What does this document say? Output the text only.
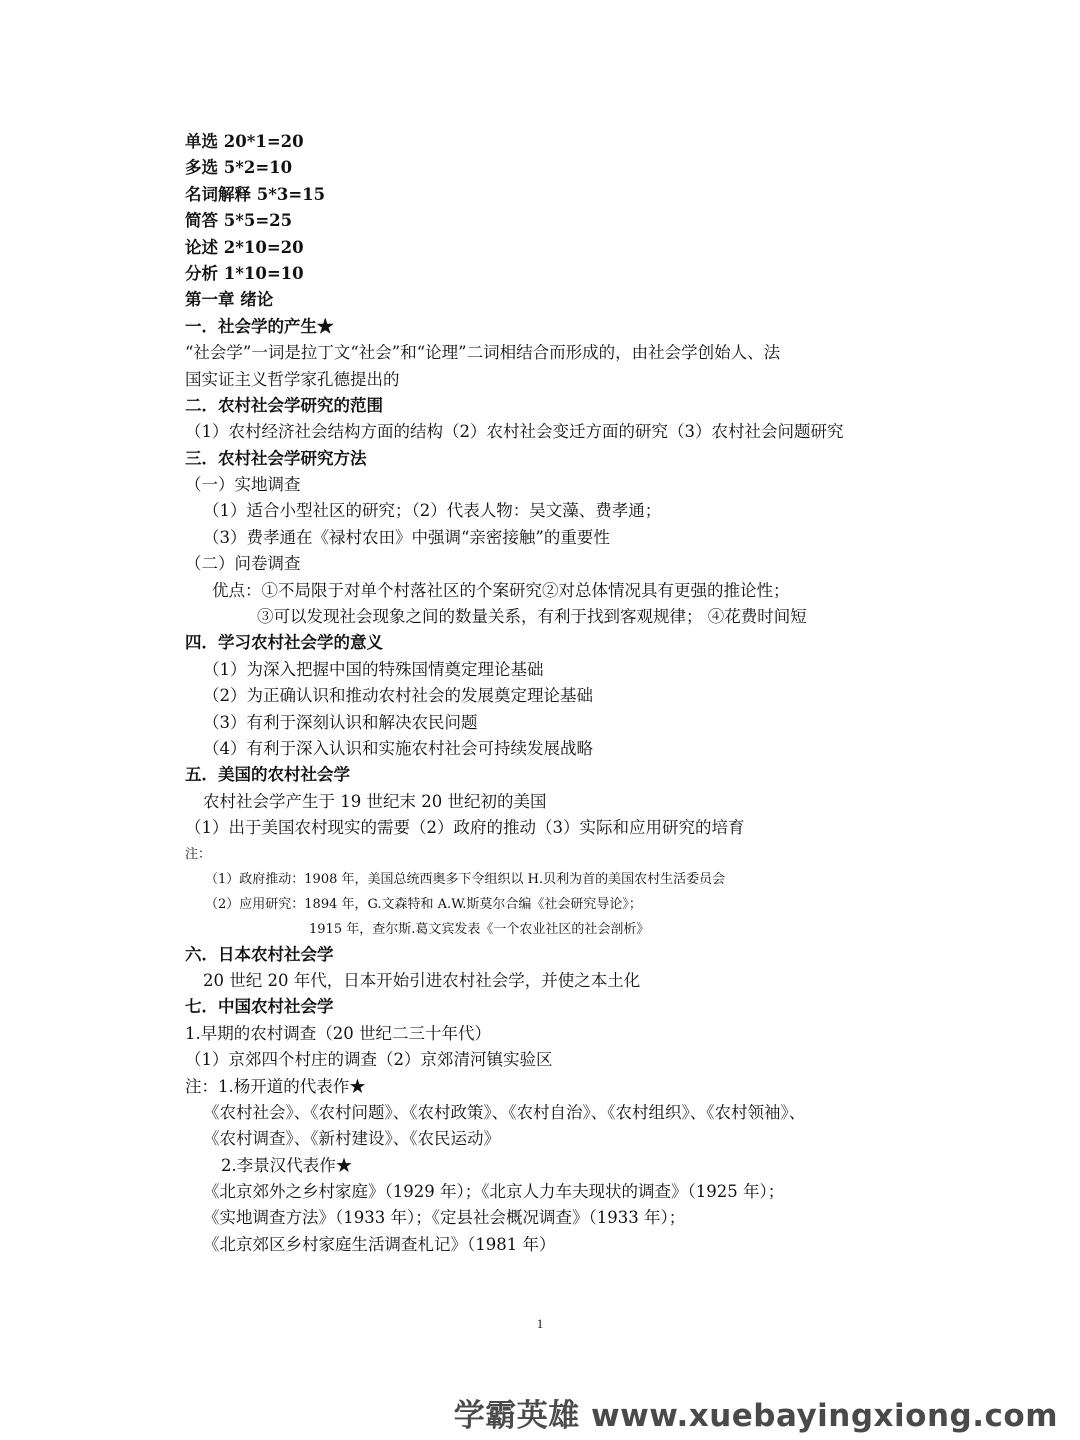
单选 20*1=20
多选 5*2=10
名词解释 5*3=15
简答 5*5=25
论述 2*10=20
分析 1*10=10
第一章 绪论
一．社会学的产生★
“社会学”一词是拉丁文“社会”和“论理”二词相结合而形成的，由社会学创始人、法
国实证主义哲学家孔德提出的
二．农村社会学研究的范围
（1）农村经济社会结构方面的结构（2）农村社会变迁方面的研究（3）农村社会问题研究
三．农村社会学研究方法
（一）实地调查
（1）适合小型社区的研究；（2）代表人物：吴文藻、费孝通；
（3）费孝通在《禄村农田》中强调“亲密接触”的重要性
（二）问卷调查
优点：①不局限于对单个村落社区的个案研究②对总体情况具有更强的推论性；
③可以发现社会现象之间的数量关系，有利于找到客观规律； ④花费时间短
四．学习农村社会学的意义
（1）为深入把握中国的特殊国情奠定理论基础
（2）为正确认识和推动农村社会的发展奠定理论基础
（3）有利于深刻认识和解决农民问题
（4）有利于深入认识和实施农村社会可持续发展战略
五．美国的农村社会学
农村社会学产生于 19 世纪末 20 世纪初的美国
（1）出于美国农村现实的需要（2）政府的推动（3）实际和应用研究的培育
注：
（1）政府推动：1908 年，美国总统西奥多下令组织以 H.贝利为首的美国农村生活委员会
（2）应用研究：1894 年，G.文森特和 A.W.斯莫尔合编《社会研究导论》；
1915 年，查尔斯.葛文宾发表《一个农业社区的社会剖析》
六．日本农村社会学
20 世纪 20 年代，日本开始引进农村社会学，并使之本土化
七．中国农村社会学
1.早期的农村调查（20 世纪二三十年代）
（1）京郊四个村庄的调查（2）京郊清河镇实验区
注：1.杨开道的代表作★
《农村社会》、《农村问题》、《农村政策》、《农村自治》、《农村组织》、《农村领袖》、
《农村调查》、《新村建设》、《农民运动》
2.李景汉代表作★
《北京郊外之乡村家庭》（1929 年）；《北京人力车夫现状的调查》（1925 年）；
《实地调查方法》（1933 年）；《定县社会概况调查》（1933 年）；
《北京郊区乡村家庭生活调查札记》（1981 年）
1
学霸英雄 www.xuebayingxiong.com
